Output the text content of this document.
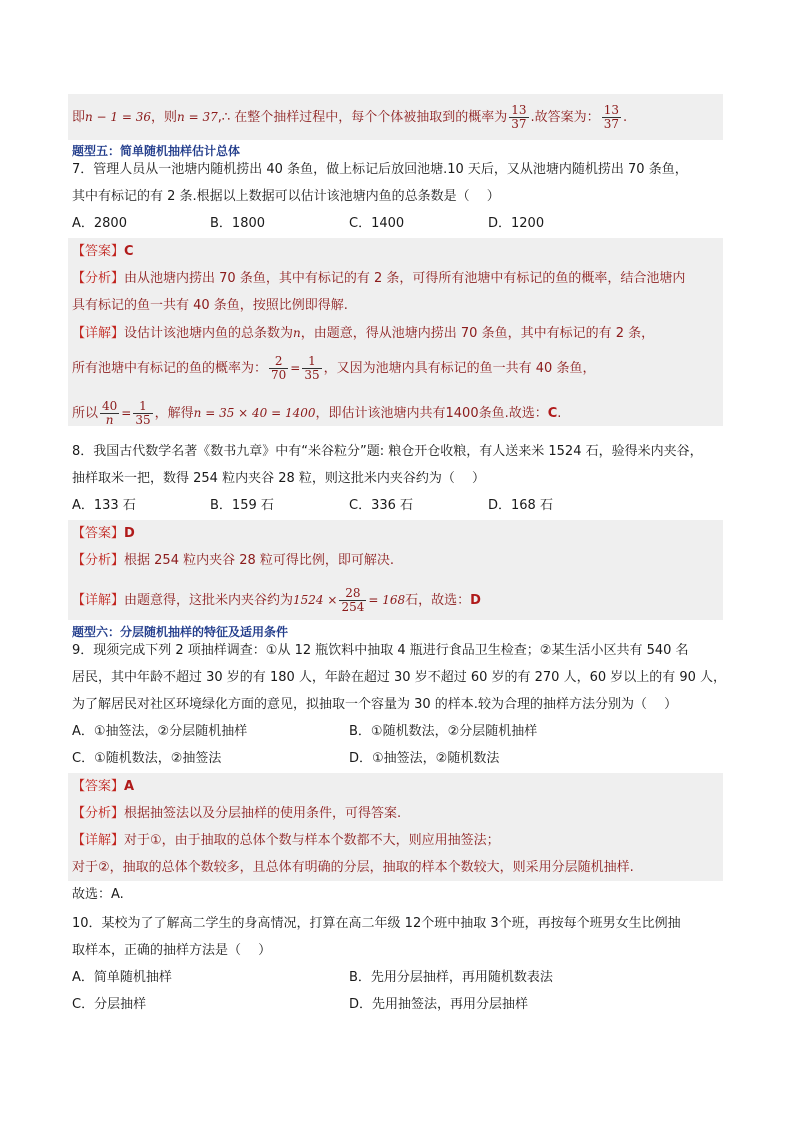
即n − 1 = 36，则n = 37,∴ 在整个抽样过程中，每个个体被抽取到的概率为 $\frac{13}{37}$ .故答案为： $\frac{13}{37}$ .
题型五：简单随机抽样估计总体
7．管理人员从一池塘内随机捞出 40 条鱼，做上标记后放回池塘.10 天后，又从池塘内随机捞出 70 条鱼，
其中有标记的有 2 条.根据以上数据可以估计该池塘内鱼的总条数是（　 ）
A．2800	B．1800	C．1400	D．1200
【答案】C
【分析】由从池塘内捞出 70 条鱼，其中有标记的有 2 条，可得所有池塘中有标记的鱼的概率，结合池塘内
具有标记的鱼一共有 40 条鱼，按照比例即得解.
【详解】设估计该池塘内鱼的总条数为n，由题意，得从池塘内捞出 70 条鱼，其中有标记的有 2 条，
所有池塘中有标记的鱼的概率为： $\frac{2}{70} = \frac{1}{35}$ ，又因为池塘内具有标记的鱼一共有 40 条鱼，
所以 $\frac{40}{n} = \frac{1}{35}$ ，解得n = 35 × 40 = 1400，即估计该池塘内共有1400条鱼.故选：C.
8．我国古代数学名著《数书九章》中有“米谷粒分”题: 粮仓开仓收粮，有人送来米 1524 石，验得米内夹谷，
抽样取米一把，数得 254 粒内夹谷 28 粒，则这批米内夹谷约为（　 ）
A．133 石	B．159 石	C．336 石	D．168 石
【答案】D
【分析】根据 254 粒内夹谷 28 粒可得比例，即可解决.
【详解】由题意得，这批米内夹谷约为$1524 \times \frac{28}{254} = 168$石，故选：D
题型六：分层随机抽样的特征及适用条件
9．现须完成下列 2 项抽样调查：①从 12 瓶饮料中抽取 4 瓶进行食品卫生检查；②某生活小区共有 540 名
居民，其中年龄不超过 30 岁的有 180 人，年龄在超过 30 岁不超过 60 岁的有 270 人，60 岁以上的有 90 人，
为了解居民对社区环境绿化方面的意见，拟抽取一个容量为 30 的样本.较为合理的抽样方法分别为（　 ）
A．①抽签法，②分层随机抽样	B．①随机数法，②分层随机抽样
C．①随机数法，②抽签法	D．①抽签法，②随机数法
【答案】A
【分析】根据抽签法以及分层抽样的使用条件，可得答案.
【详解】对于①，由于抽取的总体个数与样本个数都不大，则应用抽签法；
对于②，抽取的总体个数较多，且总体有明确的分层，抽取的样本个数较大，则采用分层随机抽样.
故选：A.
10．某校为了了解高二学生的身高情况，打算在高二年级 12个班中抽取 3个班，再按每个班男女生比例抽
取样本，正确的抽样方法是（　 ）
A．简单随机抽样	B．先用分层抽样，再用随机数表法
C．分层抽样	D．先用抽签法，再用分层抽样
